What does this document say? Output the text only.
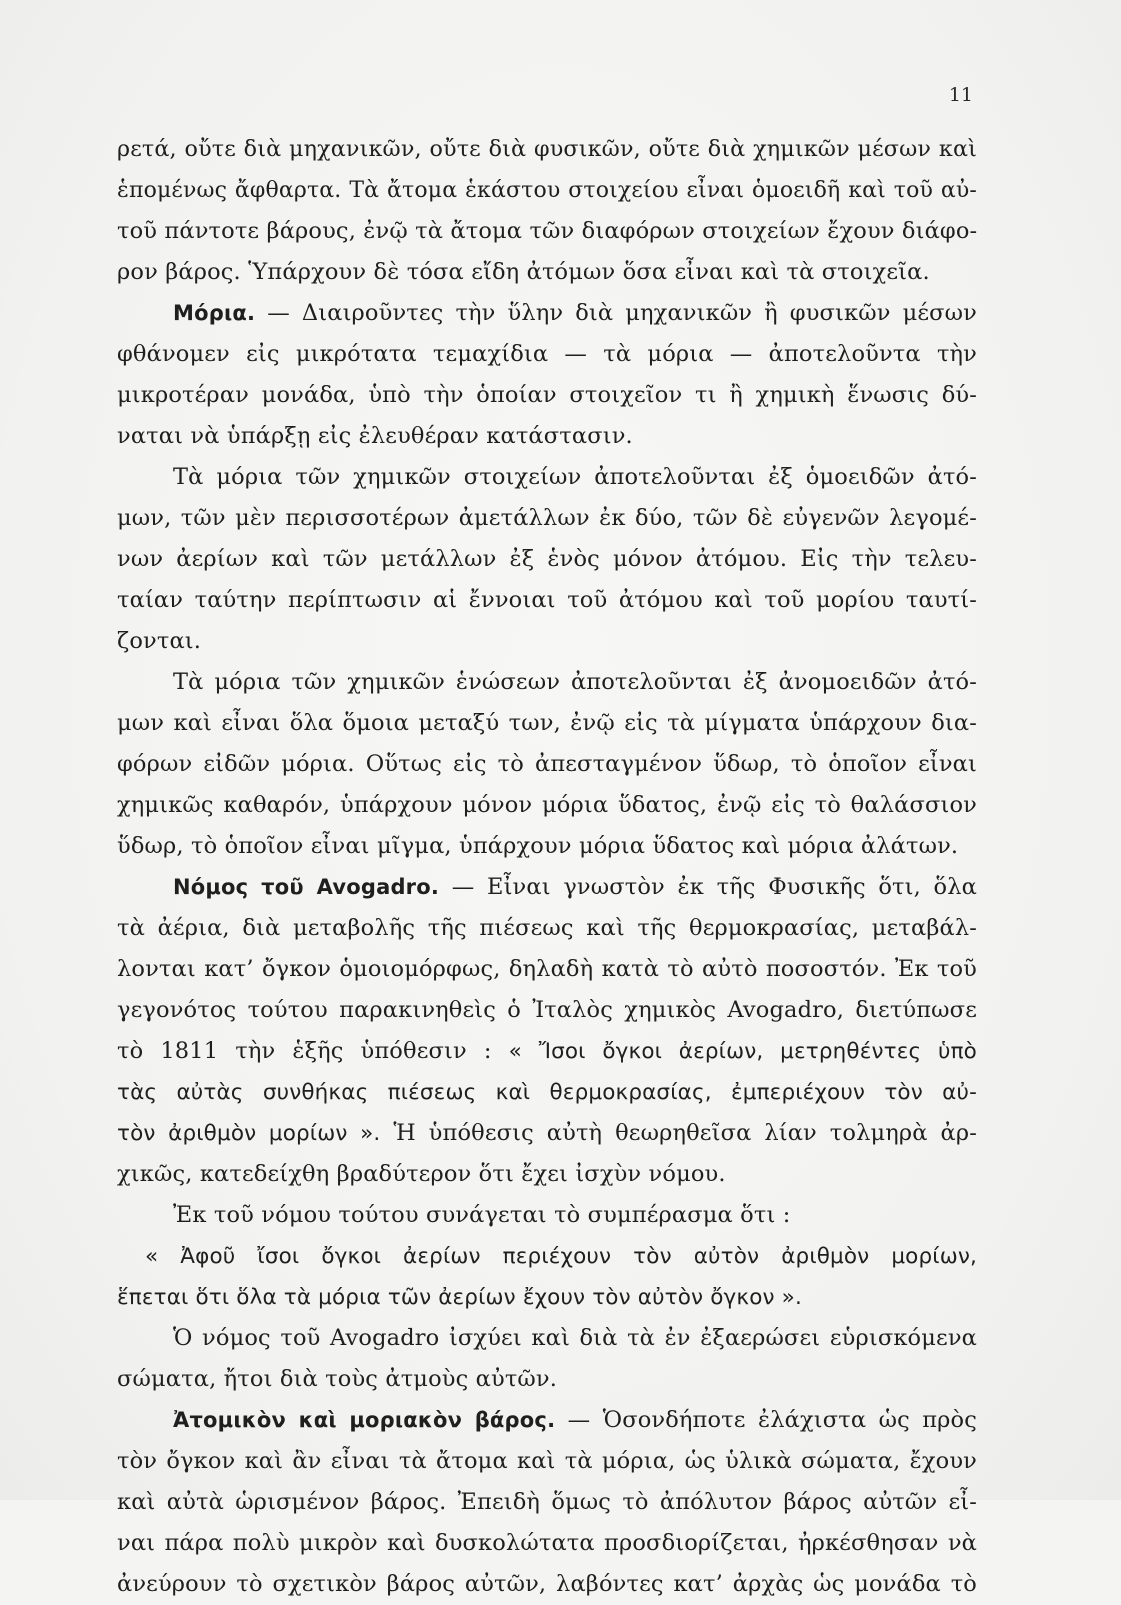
11
ρετά, οὔτε διὰ μηχανικῶν, οὔτε διὰ φυσικῶν, οὔτε διὰ χημικῶν μέσων καὶ
ἑπομένως ἄφθαρτα. Τὰ ἄτομα ἑκάστου στοιχείου εἶναι ὁμοειδῆ καὶ τοῦ αὐ-
τοῦ πάντοτε βάρους, ἐνῷ τὰ ἄτομα τῶν διαφόρων στοιχείων ἔχουν διάφο-
ρον βάρος. Ὑπάρχουν δὲ τόσα εἴδη ἀτόμων ὅσα εἶναι καὶ τὰ στοιχεῖα.
Μόρια. — Διαιροῦντες τὴν ὕλην διὰ μηχανικῶν ἢ φυσικῶν μέσων
φθάνομεν εἰς μικρότατα τεμαχίδια — τὰ μόρια — ἀποτελοῦντα τὴν
μικροτέραν μονάδα, ὑπὸ τὴν ὁποίαν στοιχεῖον τι ἢ χημικὴ ἕνωσις δύ-
ναται νὰ ὑπάρξῃ εἰς ἐλευθέραν κατάστασιν.
Τὰ μόρια τῶν χημικῶν στοιχείων ἀποτελοῦνται ἐξ ὁμοειδῶν ἀτό-
μων, τῶν μὲν περισσοτέρων ἀμετάλλων ἐκ δύο, τῶν δὲ εὐγενῶν λεγομέ-
νων ἀερίων καὶ τῶν μετάλλων ἐξ ἑνὸς μόνον ἀτόμου. Εἰς τὴν τελευ-
ταίαν ταύτην περίπτωσιν αἱ ἔννοιαι τοῦ ἀτόμου καὶ τοῦ μορίου ταυτί-
ζονται.
Τὰ μόρια τῶν χημικῶν ἑνώσεων ἀποτελοῦνται ἐξ ἀνομοειδῶν ἀτό-
μων καὶ εἶναι ὅλα ὅμοια μεταξύ των, ἐνῷ εἰς τὰ μίγματα ὑπάρχουν δια-
φόρων εἰδῶν μόρια. Οὕτως εἰς τὸ ἀπεσταγμένον ὕδωρ, τὸ ὁποῖον εἶναι
χημικῶς καθαρόν, ὑπάρχουν μόνον μόρια ὕδατος, ἐνῷ εἰς τὸ θαλάσσιον
ὕδωρ, τὸ ὁποῖον εἶναι μῖγμα, ὑπάρχουν μόρια ὕδατος καὶ μόρια ἀλάτων.
Νόμος τοῦ Avogadro. — Εἶναι γνωστὸν ἐκ τῆς Φυσικῆς ὅτι, ὅλα
τὰ ἀέρια, διὰ μεταβολῆς τῆς πιέσεως καὶ τῆς θερμοκρασίας, μεταβάλ-
λονται κατ’ ὄγκον ὁμοιομόρφως, δηλαδὴ κατὰ τὸ αὐτὸ ποσοστόν. Ἐκ τοῦ
γεγονότος τούτου παρακινηθεὶς ὁ Ἰταλὸς χημικὸς Avogadro, διετύπωσε
τὸ 1811 τὴν ἑξῆς ὑπόθεσιν : « Ἴσοι ὄγκοι ἀερίων, μετρηθέντες ὑπὸ
τὰς αὐτὰς συνθήκας πιέσεως καὶ θερμοκρασίας, ἐμπεριέχουν τὸν αὐ-
τὸν ἀριθμὸν μορίων ». Ἡ ὑπόθεσις αὐτὴ θεωρηθεῖσα λίαν τολμηρὰ ἀρ-
χικῶς, κατεδείχθη βραδύτερον ὅτι ἔχει ἰσχὺν νόμου.
Ἐκ τοῦ νόμου τούτου συνάγεται τὸ συμπέρασμα ὅτι :
« Ἀφοῦ ἴσοι ὄγκοι ἀερίων περιέχουν τὸν αὐτὸν ἀριθμὸν μορίων,
ἕπεται ὅτι ὅλα τὰ μόρια τῶν ἀερίων ἔχουν τὸν αὐτὸν ὄγκον ».
Ὁ νόμος τοῦ Avogadro ἰσχύει καὶ διὰ τὰ ἐν ἐξαερώσει εὑρισκόμενα
σώματα, ἤτοι διὰ τοὺς ἀτμοὺς αὐτῶν.
Ἀτομικὸν καὶ μοριακὸν βάρος. — Ὁσονδήποτε ἐλάχιστα ὡς πρὸς
τὸν ὄγκον καὶ ἂν εἶναι τὰ ἄτομα καὶ τὰ μόρια, ὡς ὑλικὰ σώματα, ἔχουν
καὶ αὐτὰ ὡρισμένον βάρος. Ἐπειδὴ ὅμως τὸ ἀπόλυτον βάρος αὐτῶν εἶ-
ναι πάρα πολὺ μικρὸν καὶ δυσκολώτατα προσδιορίζεται, ἠρκέσθησαν νὰ
ἀνεύρουν τὸ σχετικὸν βάρος αὐτῶν, λαβόντες κατ’ ἀρχὰς ὡς μονάδα τὸ
